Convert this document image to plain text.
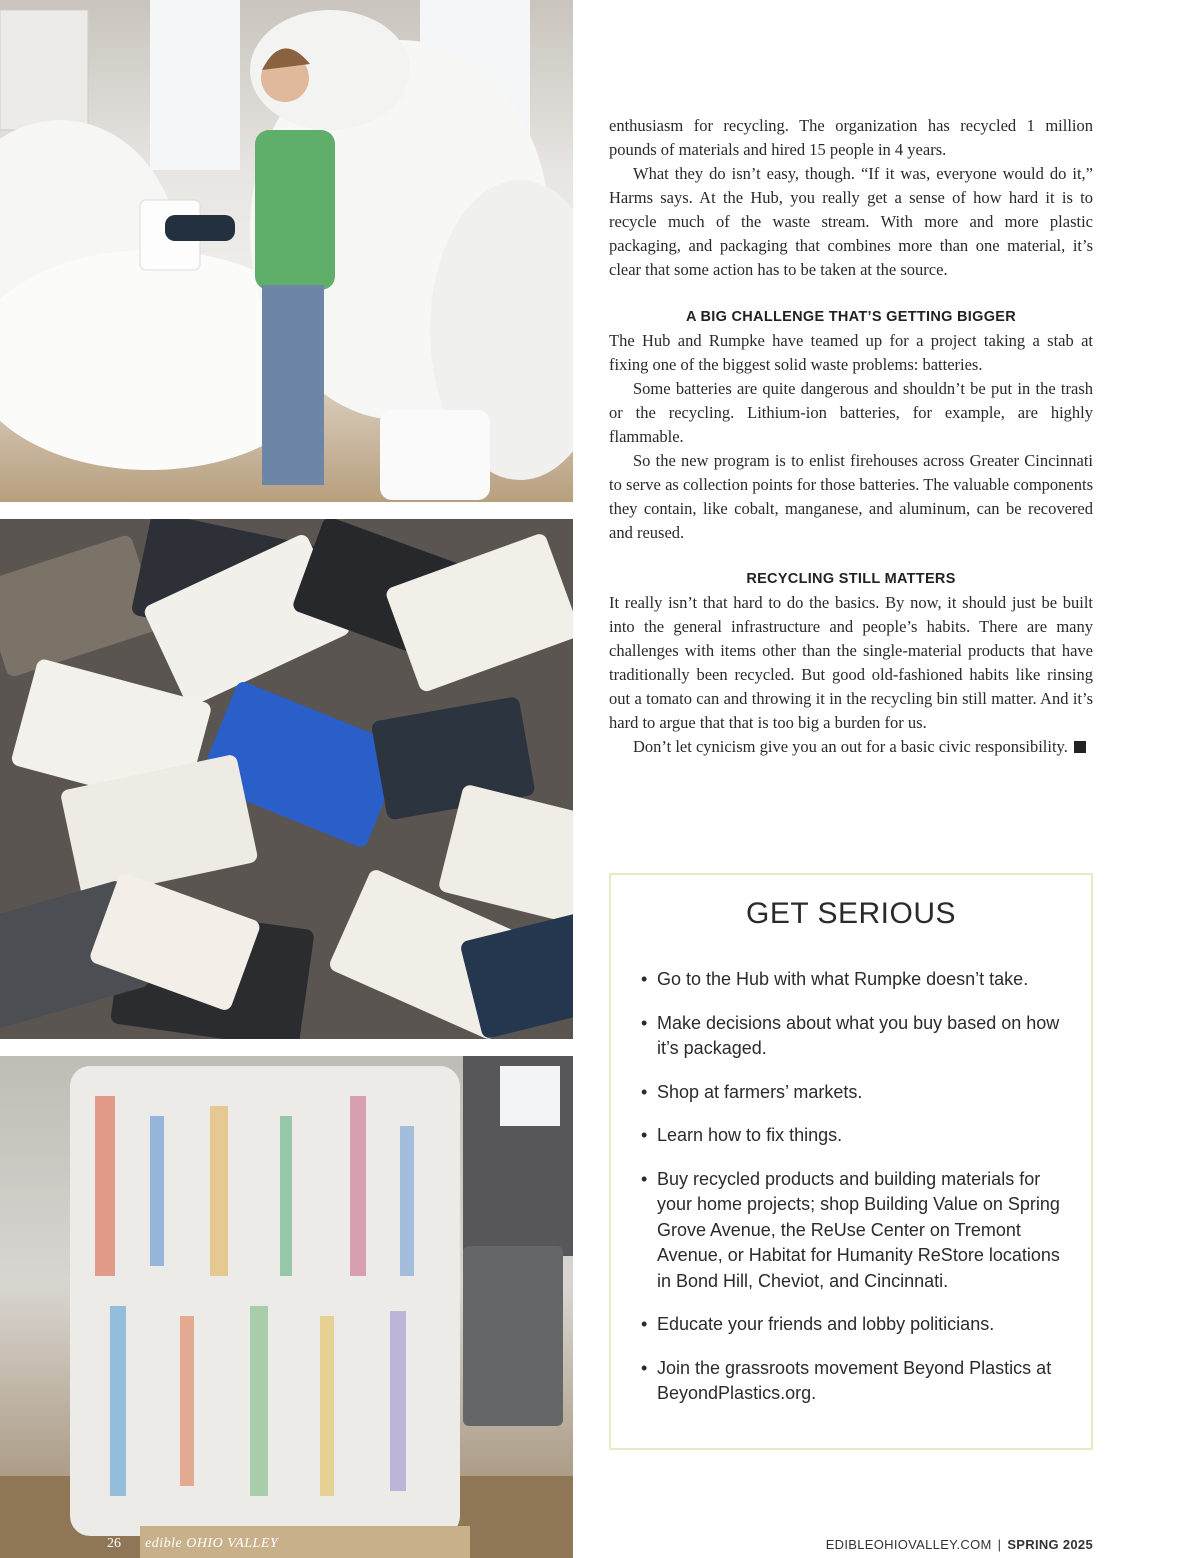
enthusiasm for recycling. The organization has recycled 1 million pounds of materials and hired 15 people in 4 years.

What they do isn’t easy, though. “If it was, everyone would do it,” Harms says. At the Hub, you really get a sense of how hard it is to recycle much of the waste stream. With more and more plastic packaging, and packaging that combines more than one material, it’s clear that some action has to be taken at the source.

A BIG CHALLENGE THAT’S GETTING BIGGER

The Hub and Rumpke have teamed up for a project taking a stab at fixing one of the biggest solid waste problems: batteries.

Some batteries are quite dangerous and shouldn’t be put in the trash or the recycling. Lithium-ion batteries, for example, are highly flammable.

So the new program is to enlist firehouses across Greater Cincinnati to serve as collection points for those batteries. The valuable components they contain, like cobalt, manganese, and aluminum, can be recovered and reused.

RECYCLING STILL MATTERS

It really isn’t that hard to do the basics. By now, it should just be built into the general infrastructure and people’s habits. There are many challenges with items other than the single-material products that have traditionally been recycled. But good old-fashioned habits like rinsing out a tomato can and throwing it in the recycling bin still matter. And it’s hard to argue that that is too big a burden for us.

Don’t let cynicism give you an out for a basic civic responsibility.

GET SERIOUS
• Go to the Hub with what Rumpke doesn’t take.
• Make decisions about what you buy based on how it’s packaged.
• Shop at farmers’ markets.
• Learn how to fix things.
• Buy recycled products and building materials for your home projects; shop Building Value on Spring Grove Avenue, the ReUse Center on Tremont Avenue, or Habitat for Humanity ReStore locations in Bond Hill, Cheviot, and Cincinnati.
• Educate your friends and lobby politicians.
• Join the grassroots movement Beyond Plastics at BeyondPlastics.org.
26 edible OHIO VALLEY	EDIBLEOHIOVALLEY.COM | SPRING 2025
